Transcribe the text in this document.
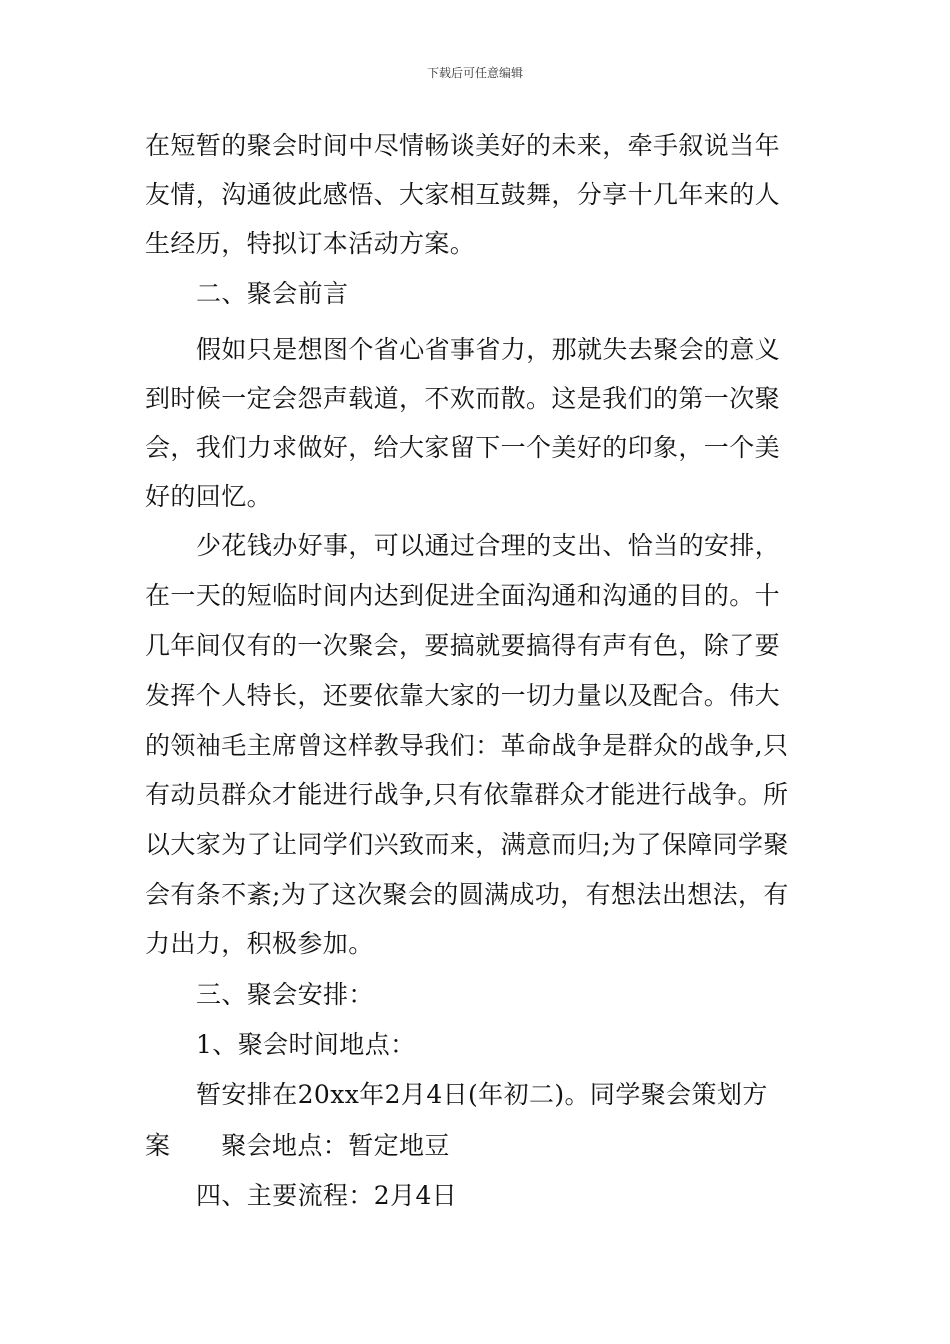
下载后可任意编辑
在短暂的聚会时间中尽情畅谈美好的未来，牵手叙说当年
友情，沟通彼此感悟、大家相互鼓舞，分享十几年来的人
生经历，特拟订本活动方案。
二、聚会前言
假如只是想图个省心省事省力，那就失去聚会的意义
到时候一定会怨声载道，不欢而散。这是我们的第一次聚
会，我们力求做好，给大家留下一个美好的印象，一个美
好的回忆。
少花钱办好事，可以通过合理的支出、恰当的安排，
在一天的短临时间内达到促进全面沟通和沟通的目的。十
几年间仅有的一次聚会，要搞就要搞得有声有色，除了要
发挥个人特长，还要依靠大家的一切力量以及配合。伟大
的领袖毛主席曾这样教导我们：革命战争是群众的战争,只
有动员群众才能进行战争,只有依靠群众才能进行战争。所
以大家为了让同学们兴致而来，满意而归;为了保障同学聚
会有条不紊;为了这次聚会的圆满成功，有想法出想法，有
力出力，积极参加。
三、聚会安排：
1、聚会时间地点：
暂安排在20xx年2月4日(年初二)。同学聚会策划方
案　　聚会地点：暂定地豆
四、主要流程：2月4日
